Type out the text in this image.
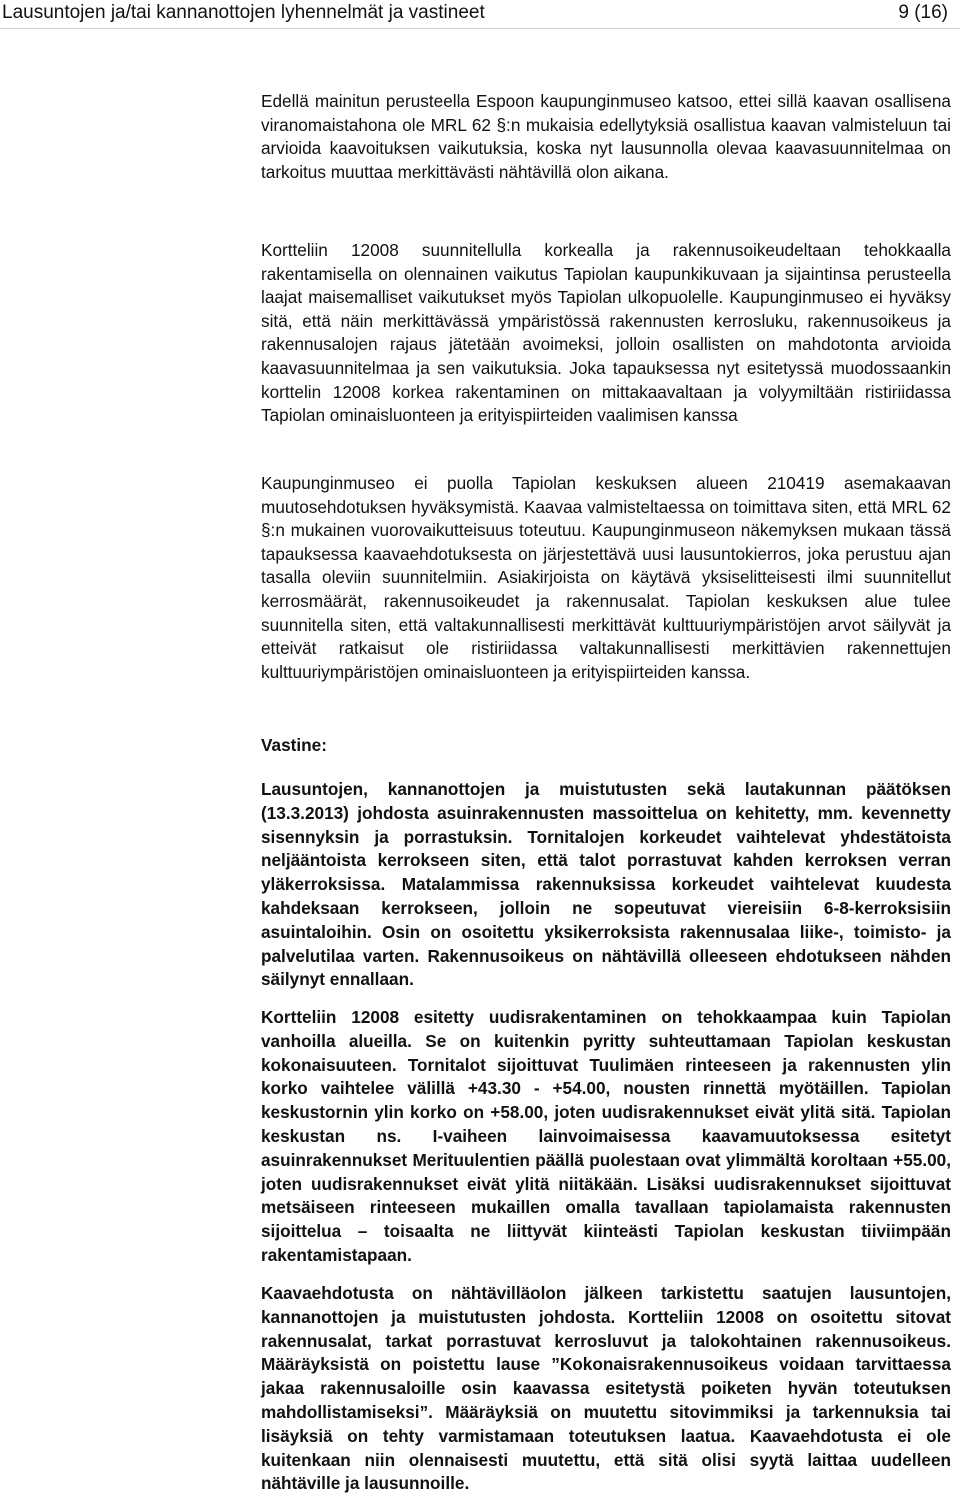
Lausuntojen ja/tai kannanottojen lyhennelmät ja vastineet	9 (16)

Edellä mainitun perusteella Espoon kaupunginmuseo katsoo, ettei sillä kaavan osallisena viranomaistahona ole MRL 62 §:n mukaisia edellytyksiä osallistua kaavan valmisteluun tai arvioida kaavoituksen vaikutuksia, koska nyt lausunnolla olevaa kaavasuunnitelmaa on tarkoitus muuttaa merkittävästi nähtävillä olon aikana.

Kortteliin 12008 suunnitellulla korkealla ja rakennusoikeudeltaan tehokkaalla rakentamisella on olennainen vaikutus Tapiolan kaupunkikuvaan ja sijaintinsa perusteella laajat maisemalliset vaikutukset myös Tapiolan ulkopuolelle. Kaupunginmuseo ei hyväksy sitä, että näin merkittävässä ympäristössä rakennusten kerrosluku, rakennusoikeus ja rakennusalojen rajaus jätetään avoimeksi, jolloin osallisten on mahdotonta arvioida kaavasuunnitelmaa ja sen vaikutuksia. Joka tapauksessa nyt esitetyssä muodossaankin korttelin 12008 korkea rakentaminen on mittakaavaltaan ja volyymiltään ristiriidassa Tapiolan ominaisluonteen ja erityispiirteiden vaalimisen kanssa

Kaupunginmuseo ei puolla Tapiolan keskuksen alueen 210419 asemakaavan muutosehdotuksen hyväksymistä. Kaavaa valmisteltaessa on toimittava siten, että MRL 62 §:n mukainen vuorovaikutteisuus toteutuu. Kaupunginmuseon näkemyksen mukaan tässä tapauksessa kaavaehdotuksesta on järjestettävä uusi lausuntokierros, joka perustuu ajan tasalla oleviin suunnitelmiin. Asiakirjoista on käytävä yksiselitteisesti ilmi suunnitellut kerrosmäärät, rakennusoikeudet ja rakennusalat. Tapiolan keskuksen alue tulee suunnitella siten, että valtakunnallisesti merkittävät kulttuuriympäristöjen arvot säilyvät ja etteivät ratkaisut ole ristiriidassa valtakunnallisesti merkittävien rakennettujen kulttuuriympäristöjen ominaisluonteen ja erityispiirteiden kanssa.

Vastine:

Lausuntojen, kannanottojen ja muistutusten sekä lautakunnan päätöksen (13.3.2013) johdosta asuinrakennusten massoittelua on kehitetty, mm. kevennetty sisennyksin ja porrastuksin. Tornitalojen korkeudet vaihtelevat yhdestätoista neljääntoista kerrokseen siten, että talot porrastuvat kahden kerroksen verran yläkerroksissa. Matalammissa rakennuksissa korkeudet vaihtelevat kuudesta kahdeksaan kerrokseen, jolloin ne sopeutuvat viereisiin 6-8-kerroksisiin asuintaloihin. Osin on osoitettu yksikerroksista rakennusalaa liike-, toimisto- ja palvelutilaa varten. Rakennusoikeus on nähtävillä olleeseen ehdotukseen nähden säilynyt ennallaan.

Kortteliin 12008 esitetty uudisrakentaminen on tehokkaampaa kuin Tapiolan vanhoilla alueilla. Se on kuitenkin pyritty suhteuttamaan Tapiolan keskustan kokonaisuuteen. Tornitalot sijoittuvat Tuulimäen rinteeseen ja rakennusten ylin korko vaihtelee välillä +43.30 - +54.00, nousten rinnettä myötäillen. Tapiolan keskustornin ylin korko on +58.00, joten uudisrakennukset eivät ylitä sitä. Tapiolan keskustan ns. I-vaiheen lainvoimaisessa kaavamuutoksessa esitetyt asuinrakennukset Merituulentien päällä puolestaan ovat ylimmältä koroltaan +55.00, joten uudisrakennukset eivät ylitä niitäkään. Lisäksi uudisrakennukset sijoittuvat metsäiseen rinteeseen mukaillen omalla tavallaan tapiolamaista rakennusten sijoittelua – toisaalta ne liittyvät kiinteästi Tapiolan keskustan tiiviimpään rakentamistapaan.

Kaavaehdotusta on nähtävilläolon jälkeen tarkistettu saatujen lausuntojen, kannanottojen ja muistutusten johdosta. Kortteliin 12008 on osoitettu sitovat rakennusalat, tarkat porrastuvat kerrosluvut ja talokohtainen rakennusoikeus. Määräyksistä on poistettu lause ”Kokonaisrakennusoikeus voidaan tarvittaessa jakaa rakennusaloille osin kaavassa esitetystä poiketen hyvän toteutuksen mahdollistamiseksi”. Määräyksiä on muutettu sitovimmiksi ja tarkennuksia tai lisäyksiä on tehty varmistamaan toteutuksen laatua. Kaavaehdotusta ei ole kuitenkaan niin olennaisesti muutettu, että sitä olisi syytä laittaa uudelleen nähtäville ja lausunnoille.
